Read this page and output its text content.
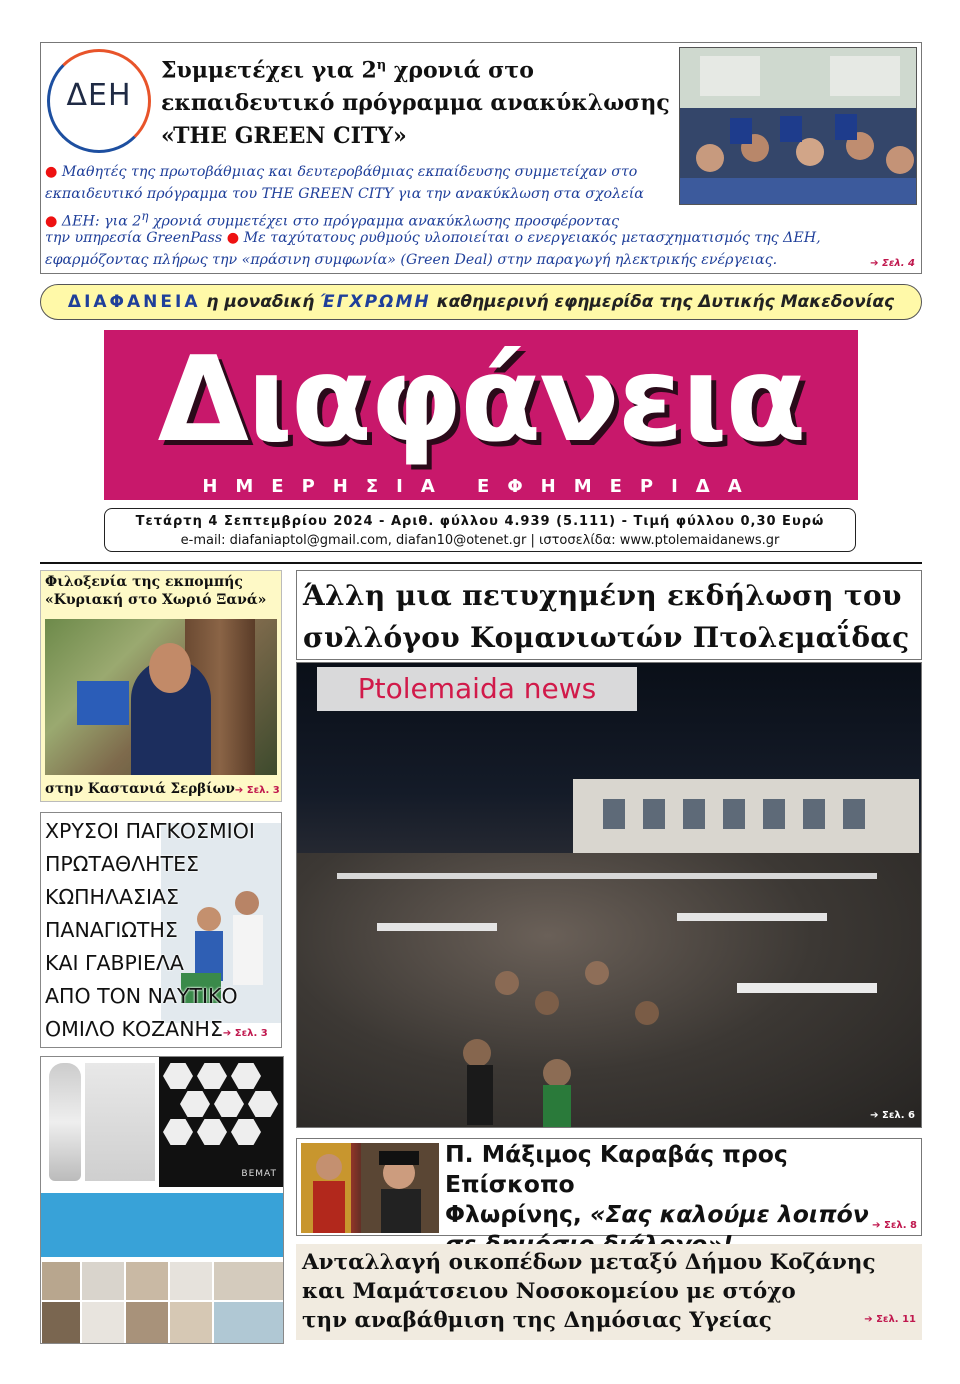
ΔΕΗ
Συμμετέχει για $2^\eta$ χρονιά στο
εκπαιδευτικό πρόγραμμα ανακύκλωσης
«THE GREEN CITY»
● Μαθητές της πρωτοβάθμιας και δευτεροβάθμιας εκπαίδευσης συμμετείχαν στο
εκπαιδευτικό πρόγραμμα του THE GREEN CITY για την ανακύκλωση στα σχολεία
● ΔΕΗ: για $2^\eta$ χρονιά συμμετέχει στο πρόγραμμα ανακύκλωσης προσφέροντας
την υπηρεσία GreenPass ● Με ταχύτατους ρυθμούς υλοποιείται ο ενεργειακός μετασχηματισμός της ΔΕΗ,
εφαρμόζοντας πλήρως την «πράσινη συμφωνία» (Green Deal) στην παραγωγή ηλεκτρικής ενέργειας.	➔ Σελ. 4
ΔΙΑΦΑΝΕΙΑ η μοναδική ΈΓΧΡΩΜΗ καθημερινή εφημερίδα της Δυτικής Μακεδονίας
Διαφάνεια
ΗΜΕΡΗΣΙΑ ΕΦΗΜΕΡΙΔΑ
Τετάρτη 4 Σεπτεμβρίου 2024 - Αριθ. φύλλου 4.939 (5.111) - Τιμή φύλλου 0,30 Ευρώ
e-mail: diafaniaptol@gmail.com, diafan10@otenet.gr | ιστοσελίδα: www.ptolemaidanews.gr
Φιλοξενία της εκπομπής
«Κυριακή στο Χωριό Ξανά»
στην Καστανιά Σερβίων➔ Σελ. 3
ΧΡΥΣΟΙ ΠΑΓΚΟΣΜΙΟΙ
ΠΡΩΤΑΘΛΗΤΕΣ
ΚΩΠΗΛΑΣΙΑΣ
ΠΑΝΑΓΙΩΤΗΣ
ΚΑΙ ΓΑΒΡΙΕΛΑ
ΑΠΟ ΤΟΝ ΝΑΥΤΙΚΟ
ΟΜΙΛΟ ΚΟΖΑΝΗΣ➔ Σελ. 3
BEMAT
Άλλη μια πετυχημένη εκδήλωση του
συλλόγου Κομανιωτών Πτολεμαΐδας
Ptolemaida news
➔ Σελ. 6
Π. Μάξιμος Καραβάς προς Επίσκοπο
Φλωρίνης, «Σας καλούμε λοιπόν ➔ Σελ. 8
Ανταλλαγή οικοπέδων μεταξύ Δήμου Κοζάνης
και Μαμάτσειου Νοσοκομείου με στόχο
την αναβάθμιση της Δημόσιας Υγείας	➔ Σελ. 11
